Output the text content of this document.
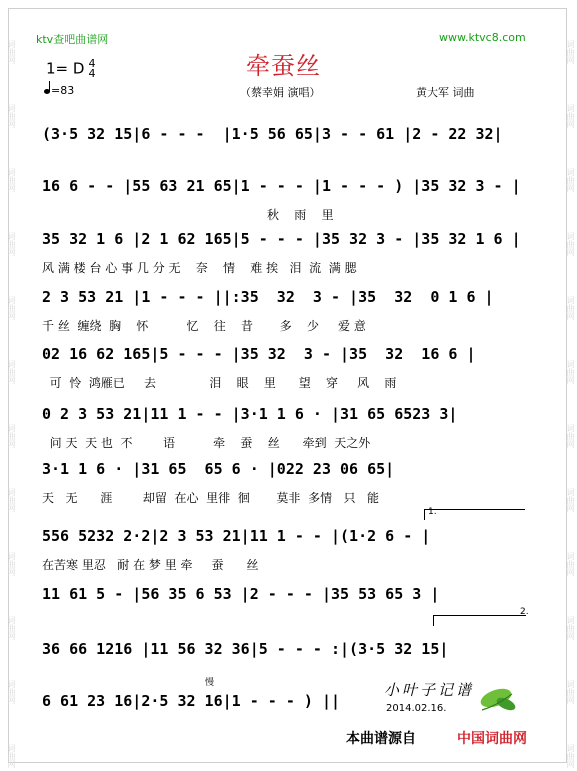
词曲网
词曲网
词曲网
词曲网
词曲网
词曲网
词曲网
词曲网
词曲网
词曲网
词曲网
词曲网
词曲网
词曲网
词曲网
词曲网
词曲网
词曲网
词曲网
词曲网
词曲网
词曲网
词曲网
词曲网
ktv查吧曲谱网	www.ktvc8.com
1= D 4
4
=83
牵蚕丝
（蔡幸娟 演唱）	黄大军 词曲
(3·5 32 15|6 - - -  |1·5 56 65|3 - - 61 |2 - 22 32|
16 6 - - |55 63 21 65|1 - - - |1 - - - ) |35 32 3 - |
秋    雨    里
35 32 1 6 |2 1 62 165|5 - - - |35 32 3 - |35 32 1 6 |
风 满 楼 台 心 事 几 分 无    奈    情    难 挨   泪  流  满 腮
2 3 53 21 |1 - - - ||:35  32  3 - |35  32  0 1 6 |
千 丝  缠绕  胸    怀          忆    往    昔       多    少     爱 意
02 16 62 165|5 - - - |35 32  3 - |35  32  16 6 |
可  怜  鸿雁已     去              泪    眼    里      望    穿     风    雨
0 2 3 53 21|11 1 - - |3·1 1 6 · |31 65 6523 3|
问 天  天 也  不        语          牵    蚕    丝      牵到  天之外
3·1 1 6 · |31 65  65 6 · |022 23 06 65|
天   无      涯        却留  在心  里徘  徊       莫非  多情   只   能
556 5232 2·2|2 3 53 21|11 1 - - |(1·2 6 - |
在苦寒 里忍   耐 在 梦 里 牵     蚕      丝
11 61 5 - |56 35 6 53 |2 - - - |35 53 65 3 |
36 66 1216 |11 56 32 36|5 - - - :|(3·5 32 15|
6 61 23 16|2·5 32 16|1 - - - ) ||
1.
2.
慢	小叶子记谱
2014.02.16.
本曲谱源自	中国词曲网
